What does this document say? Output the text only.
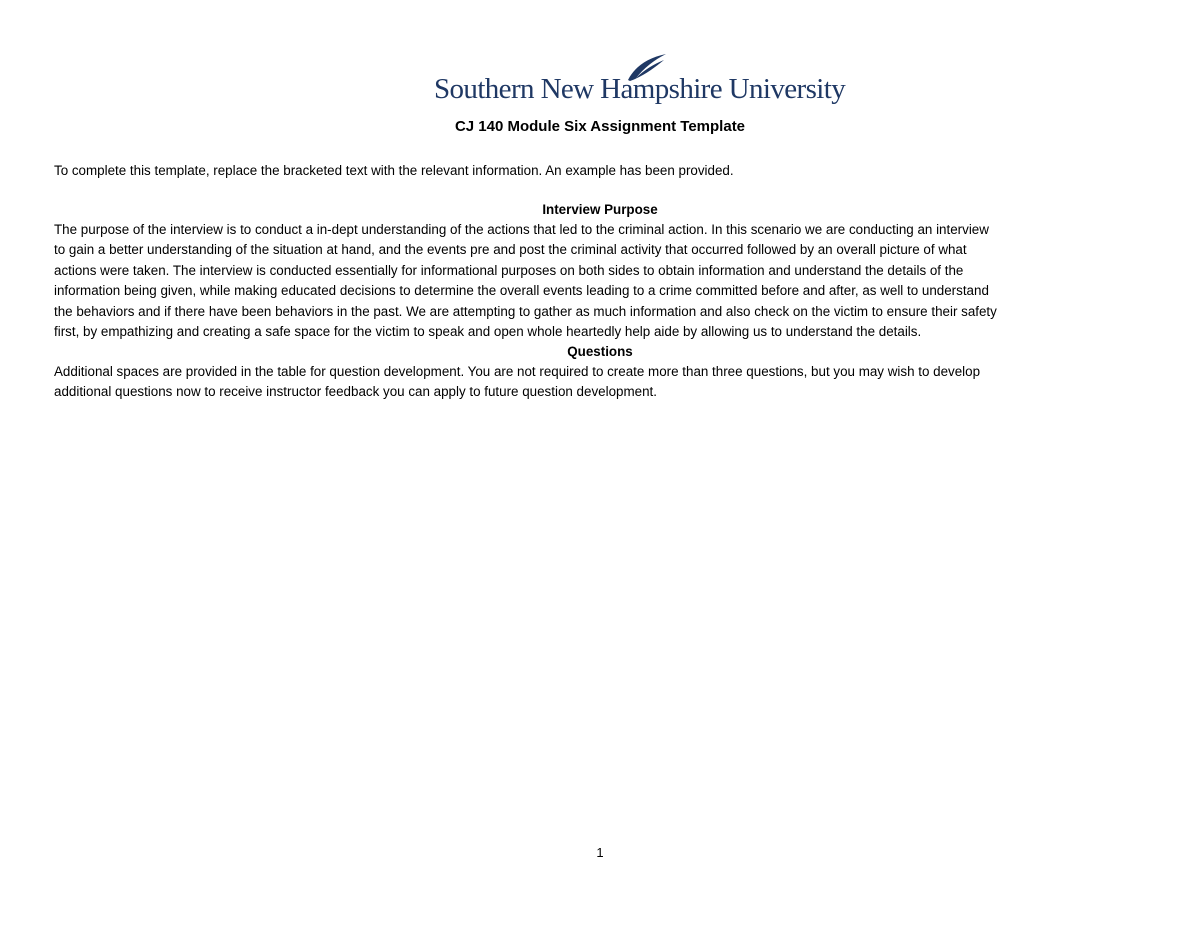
Southern New Hampshire University
CJ 140 Module Six Assignment Template
To complete this template, replace the bracketed text with the relevant information. An example has been provided.
Interview Purpose
The purpose of the interview is to conduct a in-dept understanding of the actions that led to the criminal action. In this scenario we are conducting an interview
to gain a better understanding of the situation at hand, and the events pre and post the criminal activity that occurred followed by an overall picture of what
actions were taken. The interview is conducted essentially for informational purposes on both sides to obtain information and understand the details of the
information being given, while making educated decisions to determine the overall events leading to a crime committed before and after, as well to understand
the behaviors and if there have been behaviors in the past. We are attempting to gather as much information and also check on the victim to ensure their safety
first, by empathizing and creating a safe space for the victim to speak and open whole heartedly help aide by allowing us to understand the details.
Questions
Additional spaces are provided in the table for question development. You are not required to create more than three questions, but you may wish to develop
additional questions now to receive instructor feedback you can apply to future question development.
1
